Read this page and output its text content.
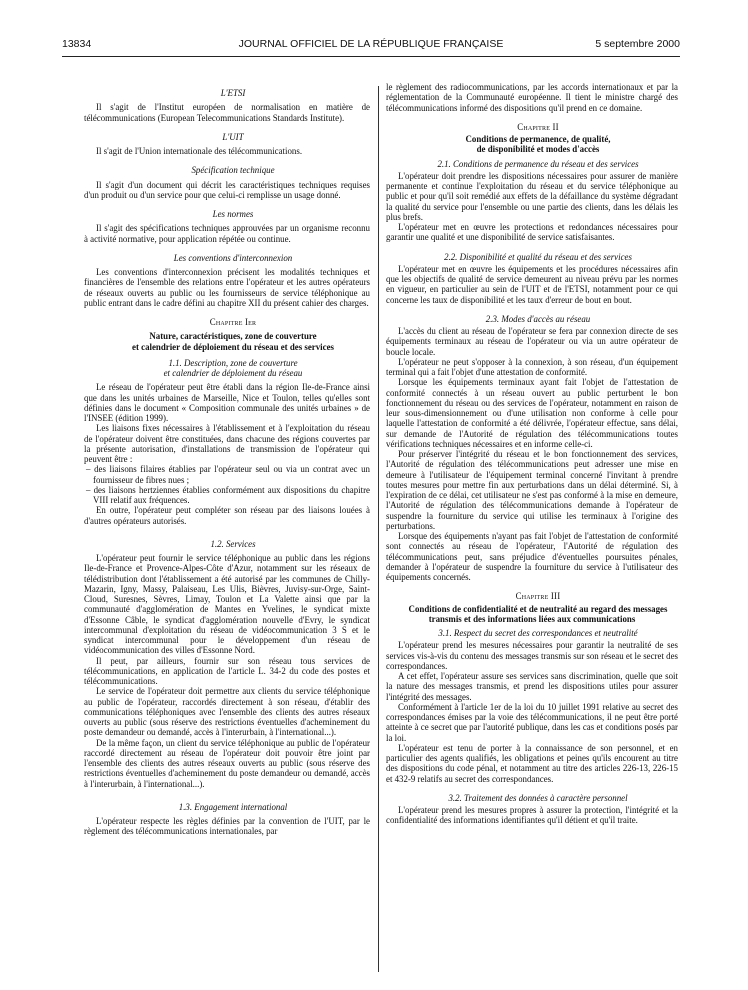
13834	JOURNAL OFFICIEL DE LA RÉPUBLIQUE FRANÇAISE	5 septembre 2000

L'ETSI

Il s'agit de l'Institut européen de normalisation en matière de télécommunications (European Telecommunications Standards Institute).

L'UIT

Il s'agit de l'Union internationale des télécommunications.

Spécification technique

Il s'agit d'un document qui décrit les caractéristiques techniques requises d'un produit ou d'un service pour que celui-ci remplisse un usage donné.

Les normes

Il s'agit des spécifications techniques approuvées par un organisme reconnu à activité normative, pour application répétée ou continue.

Les conventions d'interconnexion

Les conventions d'interconnexion précisent les modalités techniques et financières de l'ensemble des relations entre l'opérateur et les autres opérateurs de réseaux ouverts au public ou les fournisseurs de service téléphonique au public entrant dans le cadre défini au chapitre XII du présent cahier des charges.

Chapitre Ier

Nature, caractéristiques, zone de couverture

et calendrier de déploiement du réseau et des services

1.1. Description, zone de couverture

et calendrier de déploiement du réseau

Le réseau de l'opérateur peut être établi dans la région Ile-de-France ainsi que dans les unités urbaines de Marseille, Nice et Toulon, telles qu'elles sont définies dans le document « Composition communale des unités urbaines » de l'INSEE (édition 1999).

Les liaisons fixes nécessaires à l'établissement et à l'exploitation du réseau de l'opérateur doivent être constituées, dans chacune des régions couvertes par la présente autorisation, d'installations de transmission de l'opérateur qui peuvent être :

– des liaisons filaires établies par l'opérateur seul ou via un contrat avec un fournisseur de fibres nues ;
– des liaisons hertziennes établies conformément aux dispositions du chapitre VIII relatif aux fréquences.

En outre, l'opérateur peut compléter son réseau par des liaisons louées à d'autres opérateurs autorisés.

1.2. Services

L'opérateur peut fournir le service téléphonique au public dans les régions Ile-de-France et Provence-Alpes-Côte d'Azur, notamment sur les réseaux de télédistribution dont l'établissement a été autorisé par les communes de Chilly-Mazarin, Igny, Massy, Palaiseau, Les Ulis, Bièvres, Juvisy-sur-Orge, Saint-Cloud, Suresnes, Sèvres, Limay, Toulon et La Valette ainsi que par la communauté d'agglomération de Mantes en Yvelines, le syndicat mixte d'Essonne Câble, le syndicat d'agglomération nouvelle d'Evry, le syndicat intercommunal d'exploitation du réseau de vidéocommunication 3 S et le syndicat intercommunal pour le développement d'un réseau de vidéocommunication des villes d'Essonne Nord.

Il peut, par ailleurs, fournir sur son réseau tous services de télécommunications, en application de l'article L. 34-2 du code des postes et télécommunications.

Le service de l'opérateur doit permettre aux clients du service téléphonique au public de l'opérateur, raccordés directement à son réseau, d'établir des communications téléphoniques avec l'ensemble des clients des autres réseaux ouverts au public (sous réserve des restrictions éventuelles d'acheminement du poste demandeur ou demandé, accès à l'interurbain, à l'international...).

De la même façon, un client du service téléphonique au public de l'opérateur raccordé directement au réseau de l'opérateur doit pouvoir être joint par l'ensemble des clients des autres réseaux ouverts au public (sous réserve des restrictions éventuelles d'acheminement du poste demandeur ou demandé, accès à l'interurbain, à l'international...).

1.3. Engagement international

L'opérateur respecte les règles définies par la convention de l'UIT, par le règlement des télécommunications internationales, par

le règlement des radiocommunications, par les accords internationaux et par la réglementation de la Communauté européenne. Il tient le ministre chargé des télécommunications informé des dispositions qu'il prend en ce domaine.

Chapitre II

Conditions de permanence, de qualité,

de disponibilité et modes d'accès

2.1. Conditions de permanence du réseau et des services

L'opérateur doit prendre les dispositions nécessaires pour assurer de manière permanente et continue l'exploitation du réseau et du service téléphonique au public et pour qu'il soit remédié aux effets de la défaillance du système dégradant la qualité du service pour l'ensemble ou une partie des clients, dans les délais les plus brefs.

L'opérateur met en œuvre les protections et redondances nécessaires pour garantir une qualité et une disponibilité de service satisfaisantes.

2.2. Disponibilité et qualité du réseau et des services

L'opérateur met en œuvre les équipements et les procédures nécessaires afin que les objectifs de qualité de service demeurent au niveau prévu par les normes en vigueur, en particulier au sein de l'UIT et de l'ETSI, notamment pour ce qui concerne les taux de disponibilité et les taux d'erreur de bout en bout.

2.3. Modes d'accès au réseau

L'accès du client au réseau de l'opérateur se fera par connexion directe de ses équipements terminaux au réseau de l'opérateur ou via un autre opérateur de boucle locale.

L'opérateur ne peut s'opposer à la connexion, à son réseau, d'un équipement terminal qui a fait l'objet d'une attestation de conformité.

Lorsque les équipements terminaux ayant fait l'objet de l'attestation de conformité connectés à un réseau ouvert au public perturbent le bon fonctionnement du réseau ou des services de l'opérateur, notamment en raison de leur sous-dimensionnement ou d'une utilisation non conforme à celle pour laquelle l'attestation de conformité a été délivrée, l'opérateur effectue, sans délai, sur demande de l'Autorité de régulation des télécommunications toutes vérifications techniques nécessaires et en informe celle-ci.

Pour préserver l'intégrité du réseau et le bon fonctionnement des services, l'Autorité de régulation des télécommunications peut adresser une mise en demeure à l'utilisateur de l'équipement terminal concerné l'invitant à prendre toutes mesures pour mettre fin aux perturbations dans un délai déterminé. Si, à l'expiration de ce délai, cet utilisateur ne s'est pas conformé à la mise en demeure, l'Autorité de régulation des télécommunications demande à l'opérateur de suspendre la fourniture du service qui utilise les terminaux à l'origine des perturbations.

Lorsque des équipements n'ayant pas fait l'objet de l'attestation de conformité sont connectés au réseau de l'opérateur, l'Autorité de régulation des télécommunications peut, sans préjudice d'éventuelles poursuites pénales, demander à l'opérateur de suspendre la fourniture du service à l'utilisateur des équipements concernés.

Chapitre III

Conditions de confidentialité et de neutralité au regard des messages transmis et des informations liées aux communications

3.1. Respect du secret des correspondances et neutralité

L'opérateur prend les mesures nécessaires pour garantir la neutralité de ses services vis-à-vis du contenu des messages transmis sur son réseau et le secret des correspondances.

A cet effet, l'opérateur assure ses services sans discrimination, quelle que soit la nature des messages transmis, et prend les dispositions utiles pour assurer l'intégrité des messages.

Conformément à l'article 1er de la loi du 10 juillet 1991 relative au secret des correspondances émises par la voie des télécommunications, il ne peut être porté atteinte à ce secret que par l'autorité publique, dans les cas et conditions posés par la loi.

L'opérateur est tenu de porter à la connaissance de son personnel, et en particulier des agents qualifiés, les obligations et peines qu'ils encourent au titre des dispositions du code pénal, et notamment au titre des articles 226-13, 226-15 et 432-9 relatifs au secret des correspondances.

3.2. Traitement des données à caractère personnel

L'opérateur prend les mesures propres à assurer la protection, l'intégrité et la confidentialité des informations identifiantes qu'il détient et qu'il traite.
